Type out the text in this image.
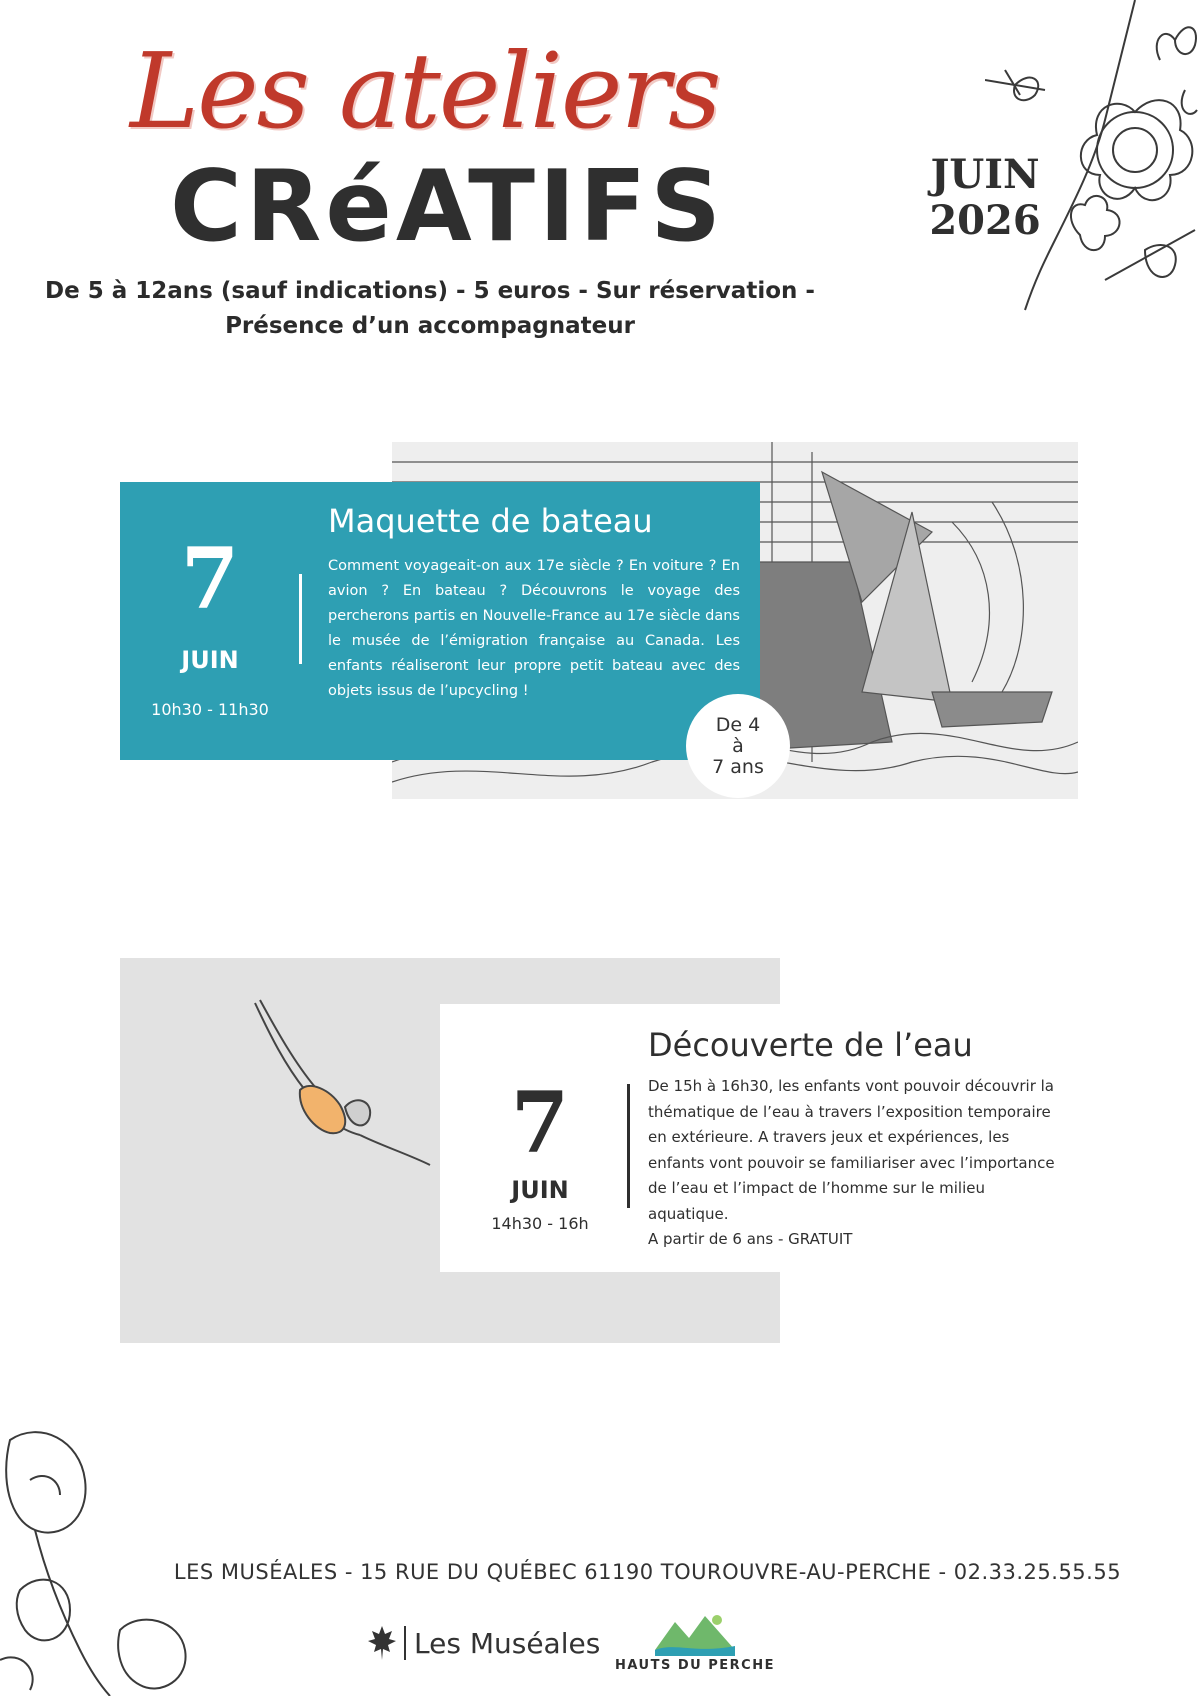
Les ateliers
CRéATIFS	JUIN
2026
De 5 à 12ans (sauf indications) - 5 euros - Sur réservation -
Présence d’un accompagnateur
7
JUIN
10h30 - 11h30
Maquette de bateau
Comment voyageait-on aux 17e siècle ? En voiture ? En avion ? En bateau ? Découvrons le voyage des percherons partis en Nouvelle-France au 17e siècle dans le musée de l’émigration française au Canada. Les enfants réaliseront leur propre petit bateau avec des objets issus de l’upcycling !
De 4
à
7 ans
7
JUIN
14h30 - 16h
Découverte de l’eau
De 15h à 16h30, les enfants vont pouvoir découvrir la thématique de l’eau à travers l’exposition temporaire en extérieure. A travers jeux et expériences, les enfants vont pouvoir se familiariser avec l’importance de l’eau et l’impact de l’homme sur le milieu aquatique.
A partir de 6 ans - GRATUIT
LES MUSÉALES - 15 RUE DU QUÉBEC 61190 TOUROUVRE-AU-PERCHE - 02.33.25.55.55
Les Muséales
HAUTS DU PERCHE
